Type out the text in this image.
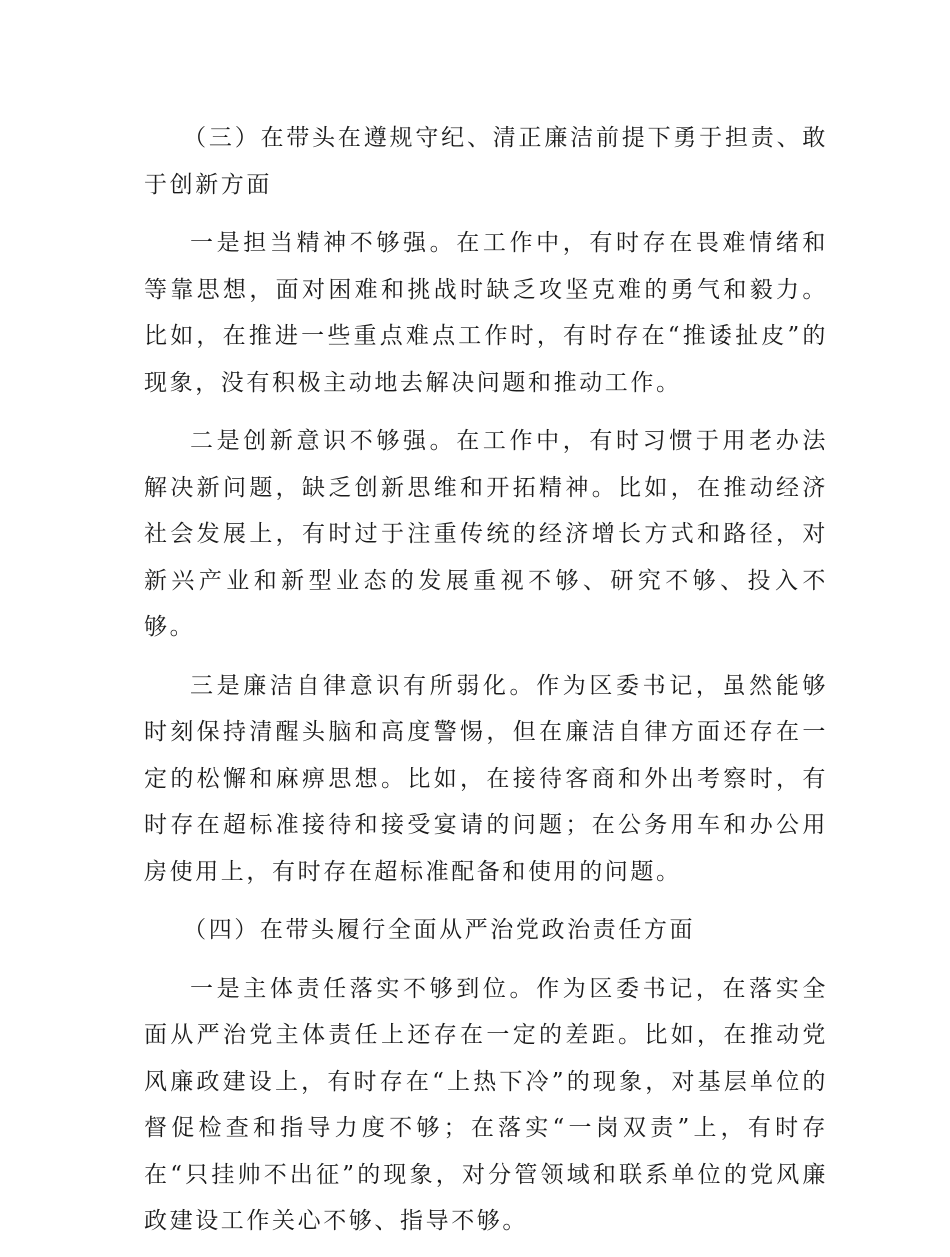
（三）在带头在遵规守纪、清正廉洁前提下勇于担责、敢于创新方面

一是担当精神不够强。在工作中，有时存在畏难情绪和等靠思想，面对困难和挑战时缺乏攻坚克难的勇气和毅力。比如，在推进一些重点难点工作时，有时存在“推诿扯皮”的现象，没有积极主动地去解决问题和推动工作。

二是创新意识不够强。在工作中，有时习惯于用老办法解决新问题，缺乏创新思维和开拓精神。比如，在推动经济社会发展上，有时过于注重传统的经济增长方式和路径，对新兴产业和新型业态的发展重视不够、研究不够、投入不够。

三是廉洁自律意识有所弱化。作为区委书记，虽然能够时刻保持清醒头脑和高度警惕，但在廉洁自律方面还存在一定的松懈和麻痹思想。比如，在接待客商和外出考察时，有时存在超标准接待和接受宴请的问题；在公务用车和办公用房使用上，有时存在超标准配备和使用的问题。

（四）在带头履行全面从严治党政治责任方面

一是主体责任落实不够到位。作为区委书记，在落实全面从严治党主体责任上还存在一定的差距。比如，在推动党风廉政建设上，有时存在“上热下冷”的现象，对基层单位的督促检查和指导力度不够；在落实“一岗双责”上，有时存在“只挂帅不出征”的现象，对分管领域和联系单位的党风廉政建设工作关心不够、指导不够。
